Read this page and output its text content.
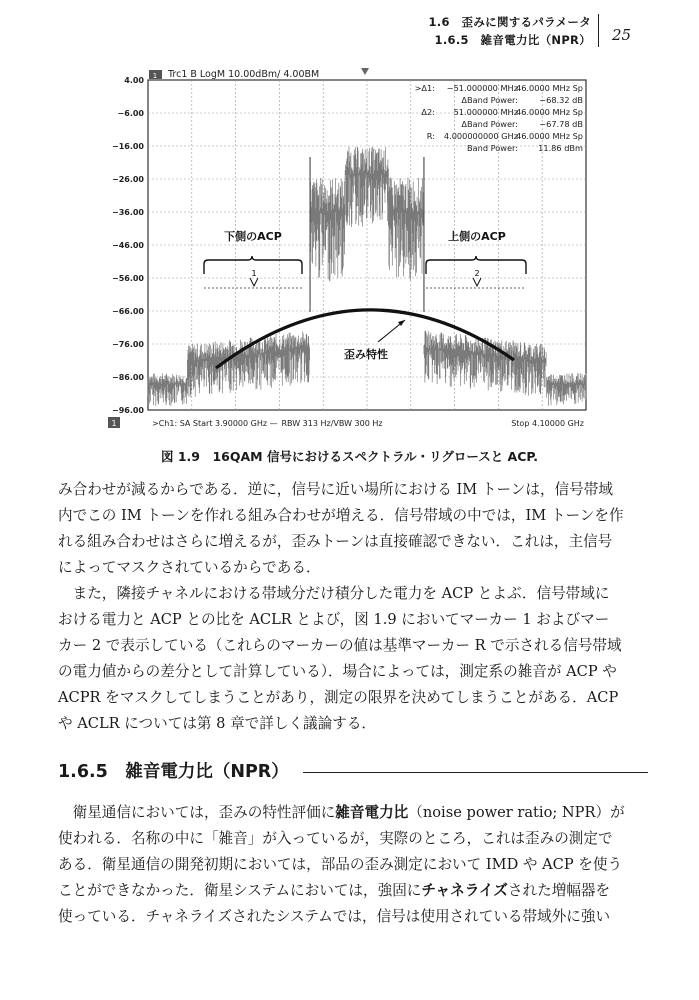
1.6　歪みに関するパラメータ
1.6.5　雑音電力比（NPR） 25
4.00
−6.00
−16.00
−26.00
−36.00
−46.00
−56.00
−66.00
−76.00
−86.00
−96.00
1 Trc1 B LogM 10.00dBm/ 4.00BM
>Δ1: −51.000000 MHz
46.0000 MHz Sp
ΔBand Power:	−68.32 dB
Δ2: 51.000000 MHz
46.0000 MHz Sp
ΔBand Power:	−67.78 dB
R: 4.000000000 GHz
46.0000 MHz Sp
Band Power: 11.86 dBm
下側のACP	上側のACP
1	2
歪み特性
1	>Ch1: SA Start 3.90000 GHz — RBW 313 Hz/VBW 300 Hz	Stop 4.10000 GHz
図 1.9　16QAM 信号におけるスペクトラル・リグロースと ACP.
み合わせが減るからである．逆に，信号に近い場所における IM トーンは，信号帯域
内でこの IM トーンを作れる組み合わせが増える．信号帯域の中では，IM トーンを作
れる組み合わせはさらに増えるが，歪みトーンは直接確認できない．これは，主信号
によってマスクされているからである．
　また，隣接チャネルにおける帯域分だけ積分した電力を ACP とよぶ．信号帯域に
おける電力と ACP との比を ACLR とよび，図 1.9 においてマーカー 1 およびマー
カー 2 で表示している（これらのマーカーの値は基準マーカー R で示される信号帯域
の電力値からの差分として計算している）．場合によっては，測定系の雑音が ACP や
ACPR をマスクしてしまうことがあり，測定の限界を決めてしまうことがある．ACP
や ACLR については第 8 章で詳しく議論する．
1.6.5　雑音電力比（NPR）
　衛星通信においては，歪みの特性評価に雑音電力比（noise power ratio; NPR）が
使われる．名称の中に「雑音」が入っているが，実際のところ，これは歪みの測定で
ある．衛星通信の開発初期においては，部品の歪み測定において IMD や ACP を使う
ことができなかった．衛星システムにおいては，強固にチャネライズされた増幅器を
使っている．チャネライズされたシステムでは，信号は使用されている帯域外に強い
